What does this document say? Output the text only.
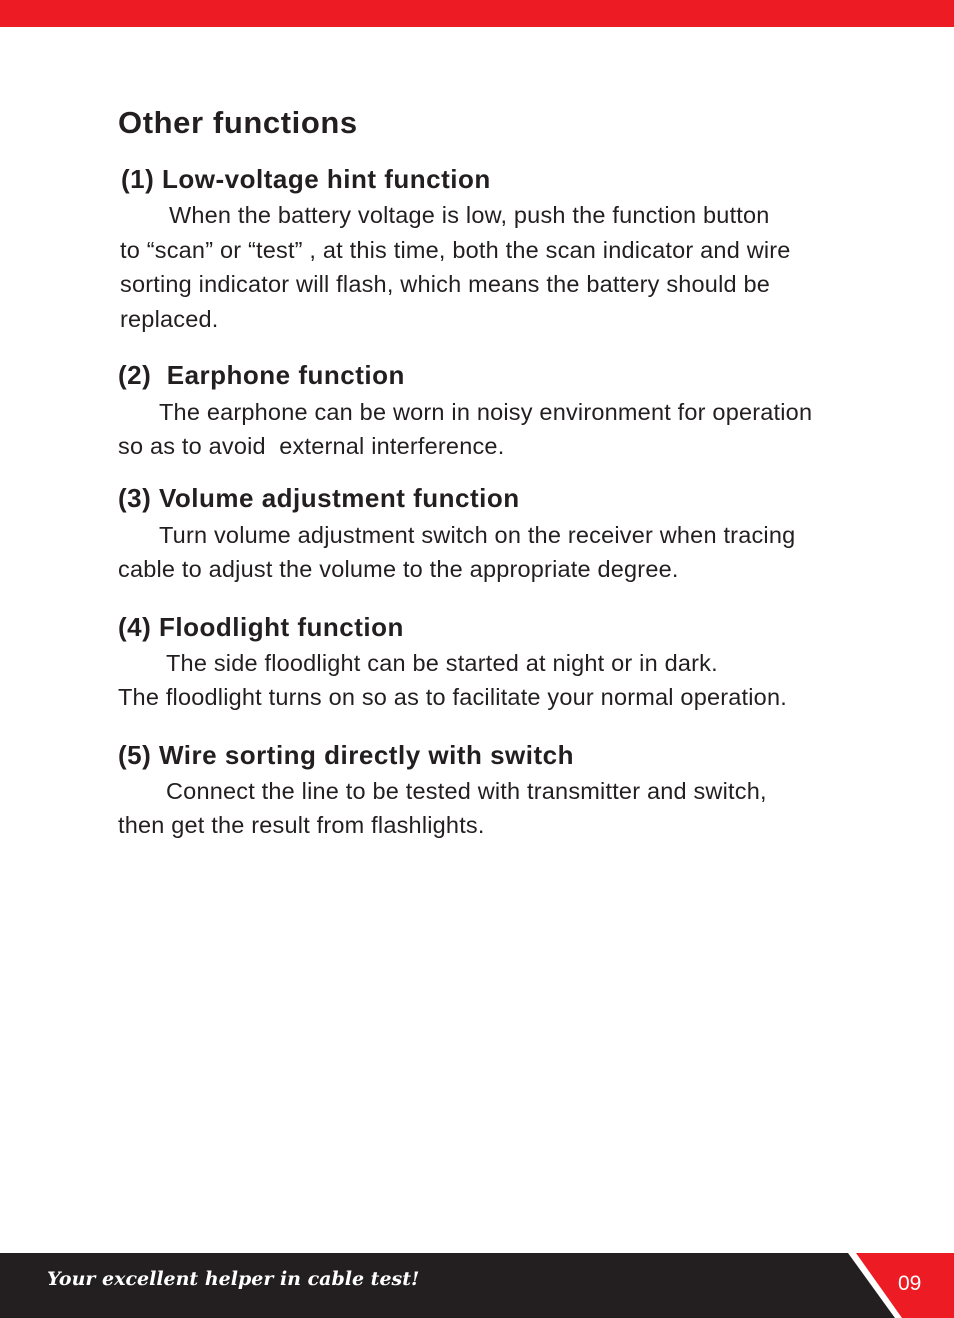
Other functions
(1) Low-voltage hint function
When the battery voltage is low, push the function button
to “scan” or “test” , at this time, both the scan indicator and wire
sorting indicator will flash, which means the battery should be
replaced.
(2)  Earphone function
The earphone can be worn in noisy environment for operation
so as to avoid  external interference.
(3) Volume adjustment function
Turn volume adjustment switch on the receiver when tracing
cable to adjust the volume to the appropriate degree.
(4) Floodlight function
The side floodlight can be started at night or in dark.
The floodlight turns on so as to facilitate your normal operation.
(5) Wire sorting directly with switch
Connect the line to be tested with transmitter and switch,
then get the result from flashlights.
Your excellent helper in cable test!	09
